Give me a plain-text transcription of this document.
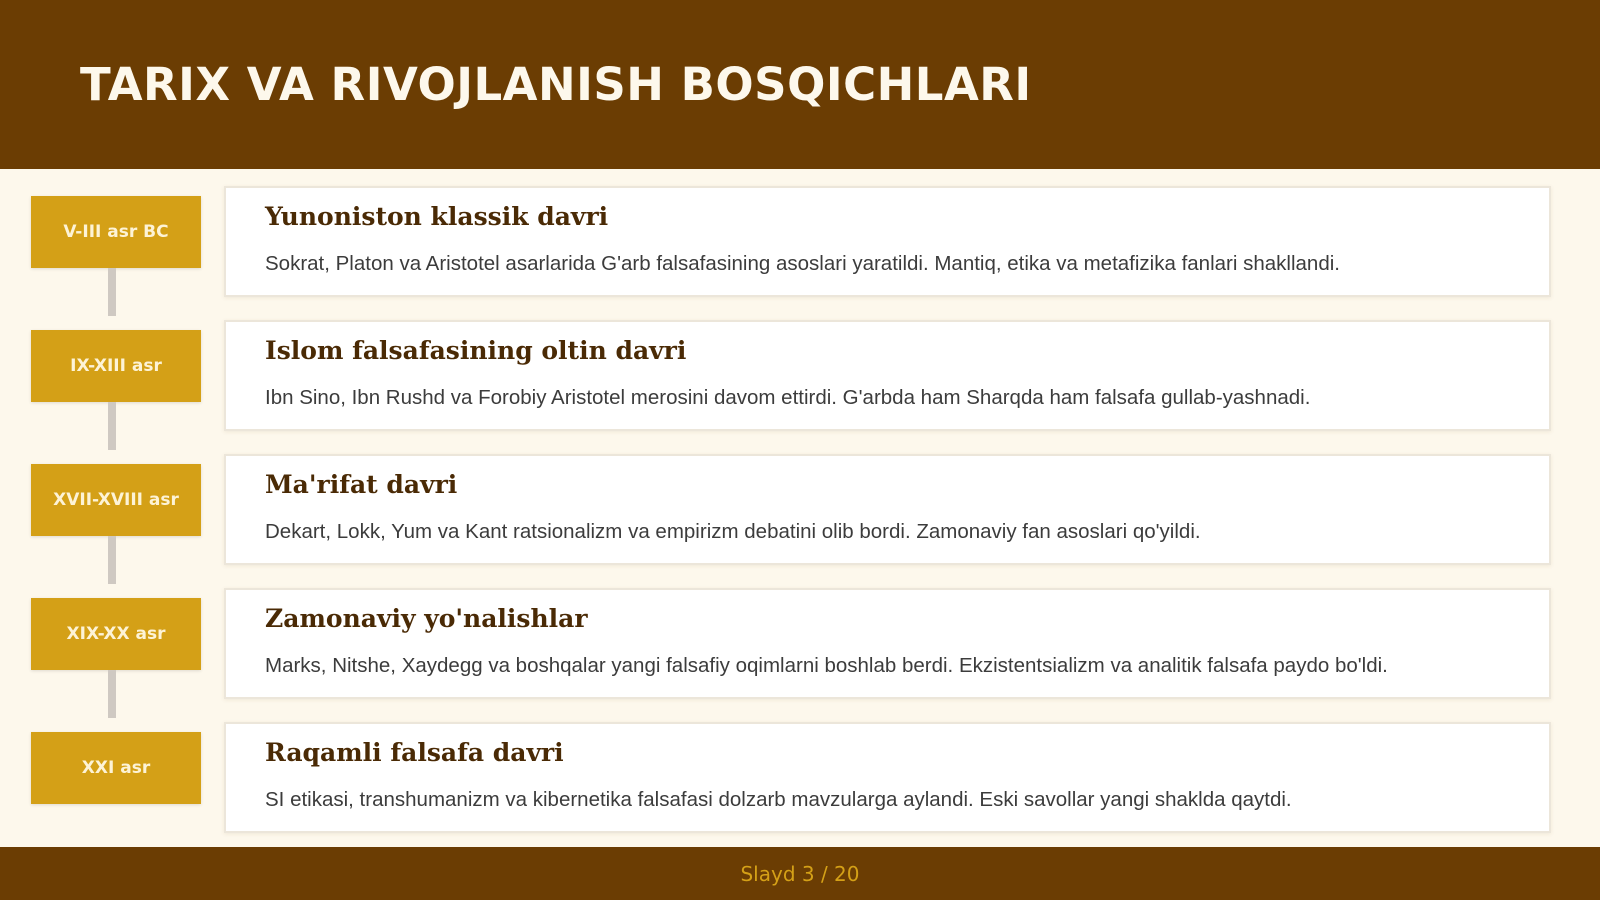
TARIX VA RIVOJLANISH BOSQICHLARI
V-III asr BC
Yunoniston klassik davri
Sokrat, Platon va Aristotel asarlarida G'arb falsafasining asoslari yaratildi. Mantiq, etika va metafizika fanlari shakllandi.
IX-XIII asr
Islom falsafasining oltin davri
Ibn Sino, Ibn Rushd va Forobiy Aristotel merosini davom ettirdi. G'arbda ham Sharqda ham falsafa gullab-yashnadi.
XVII-XVIII asr
Ma'rifat davri
Dekart, Lokk, Yum va Kant ratsionalizm va empirizm debatini olib bordi. Zamonaviy fan asoslari qo'yildi.
XIX-XX asr
Zamonaviy yo'nalishlar
Marks, Nitshe, Xaydegg va boshqalar yangi falsafiy oqimlarni boshlab berdi. Ekzistentsializm va analitik falsafa paydo bo'ldi.
XXI asr
Raqamli falsafa davri
SI etikasi, transhumanizm va kibernetika falsafasi dolzarb mavzularga aylandi. Eski savollar yangi shaklda qaytdi.
Slayd 3 / 20
